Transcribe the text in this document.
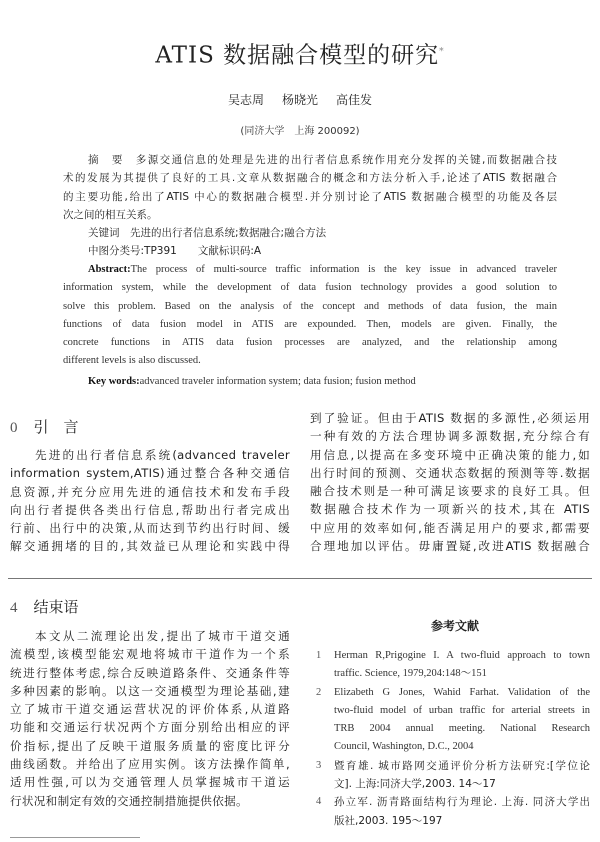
ATIS 数据融合模型的研究*
吴志周 杨晓光 高佳发
(同济大学　上海 200092)
摘　要　多源交通信息的处理是先进的出行者信息系统作用充分发挥的关键,而数据融合技
术的发展为其提供了良好的工具.文章从数据融合的概念和方法分析入手,论述了ATIS 数据融合
的主要功能,给出了ATIS 中心的数据融合模型.并分别讨论了ATIS 数据融合模型的功能及各层
次之间的相互关系。
关键词　先进的出行者信息系统;数据融合;融合方法
中图分类号:TP391　　文献标识码:A
Abstract:The process of multi-source traffic information is the key issue in advanced traveler
information system, while the development of data fusion technology provides a good solution to
solve this problem. Based on the analysis of the concept and methods of data fusion, the main
functions of data fusion model in ATIS are expounded. Then, models are given. Finally, the
concrete functions in ATIS data fusion processes are analyzed, and the relationship among
different levels is also discussed.
Key words:advanced traveler information system; data fusion; fusion method
0 引　言
先进的出行者信息系统(advanced traveler
information system,ATIS)通过整合各种交通信
息资源,并充分应用先进的通信技术和发布手段
向出行者提供各类出行信息,帮助出行者完成出
行前、出行中的决策,从而达到节约出行时间、缓
解交通拥堵的目的,其效益已从理论和实践中得
到了验证。但由于ATIS 数据的多源性,必须运用
一种有效的方法合理协调多源数据,充分综合有
用信息,以提高在多变环境中正确决策的能力,如
出行时间的预测、交通状态数据的预测等等.数据
融合技术则是一种可满足该要求的良好工具。但
数据融合技术作为一项新兴的技术,其在 ATIS
中应用的效率如何,能否满足用户的要求,都需要
合理地加以评估。毋庸置疑,改进ATIS 数据融合
4 结束语
本文从二流理论出发,提出了城市干道交通
流模型,该模型能宏观地将城市干道作为一个系
统进行整体考虑,综合反映道路条件、交通条件等
多种因素的影响。以这一交通模型为理论基础,建
立了城市干道交通运营状况的评价体系,从道路
功能和交通运行状况两个方面分别给出相应的评
价指标,提出了反映干道服务质量的密度比评分
曲线函数。并给出了应用实例。该方法操作简单,
适用性强,可以为交通管理人员掌握城市干道运
行状况和制定有效的交通控制措施提供依据。
参考文献
1 Herman R,Prigogine I. A two-fluid approach to town
traffic. Science, 1979,204:148～151
2 Elizabeth G Jones, Wahid Farhat. Validation of the
two-fluid model of urban traffic for arterial streets in
TRB 2004 annual meeting. National Research
Council, Washington, D.C., 2004
3 暨育雄. 城市路网交通评价分析方法研究:[学位论
文]. 上海:同济大学,2003. 14～17
4 孙立军. 沥青路面结构行为理论. 上海. 同济大学出
版社,2003. 195～197
